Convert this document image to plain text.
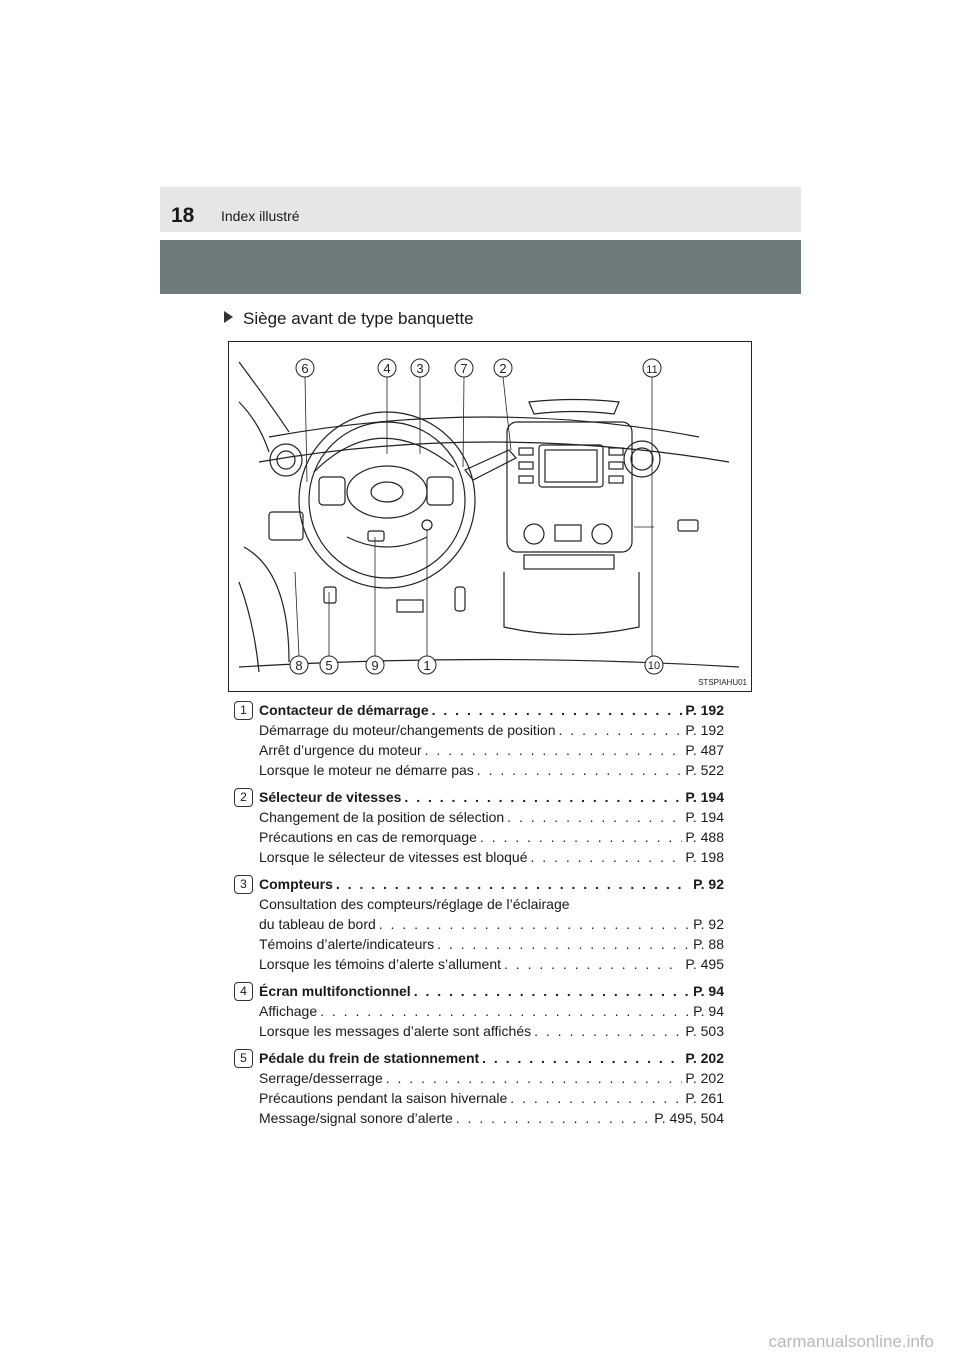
18 Index illustré
Siège avant de type banquette
6	4 3	7 2	11
8 5	9	1	10
STSPIAHU01
1 Contacteur de démarrage . . .	P. 192
Démarrage du moteur/changements de position . . .	P. 192
Arrêt d’urgence du moteur . . .	P. 487
Lorsque le moteur ne démarre pas . . .	P. 522
2 Sélecteur de vitesses . . .	P. 194
Changement de la position de sélection . . .	P. 194
Précautions en cas de remorquage . . .	P. 488
Lorsque le sélecteur de vitesses est bloqué . . .	P. 198
3 Compteurs . . .	P. 92
Consultation des compteurs/réglage de l’éclairage
du tableau de bord . . .	P. 92
Témoins d’alerte/indicateurs . . .	P. 88
Lorsque les témoins d’alerte s’allument . . .	P. 495
4 Écran multifonctionnel . . .	P. 94
Affichage . . .	P. 94
Lorsque les messages d’alerte sont affichés . . .	P. 503
5 Pédale du frein de stationnement . . .	P. 202
Serrage/desserrage . . .	P. 202
Précautions pendant la saison hivernale . . .	P. 261
Message/signal sonore d’alerte . . .	P. 495, 504
carmanualsonline.info
